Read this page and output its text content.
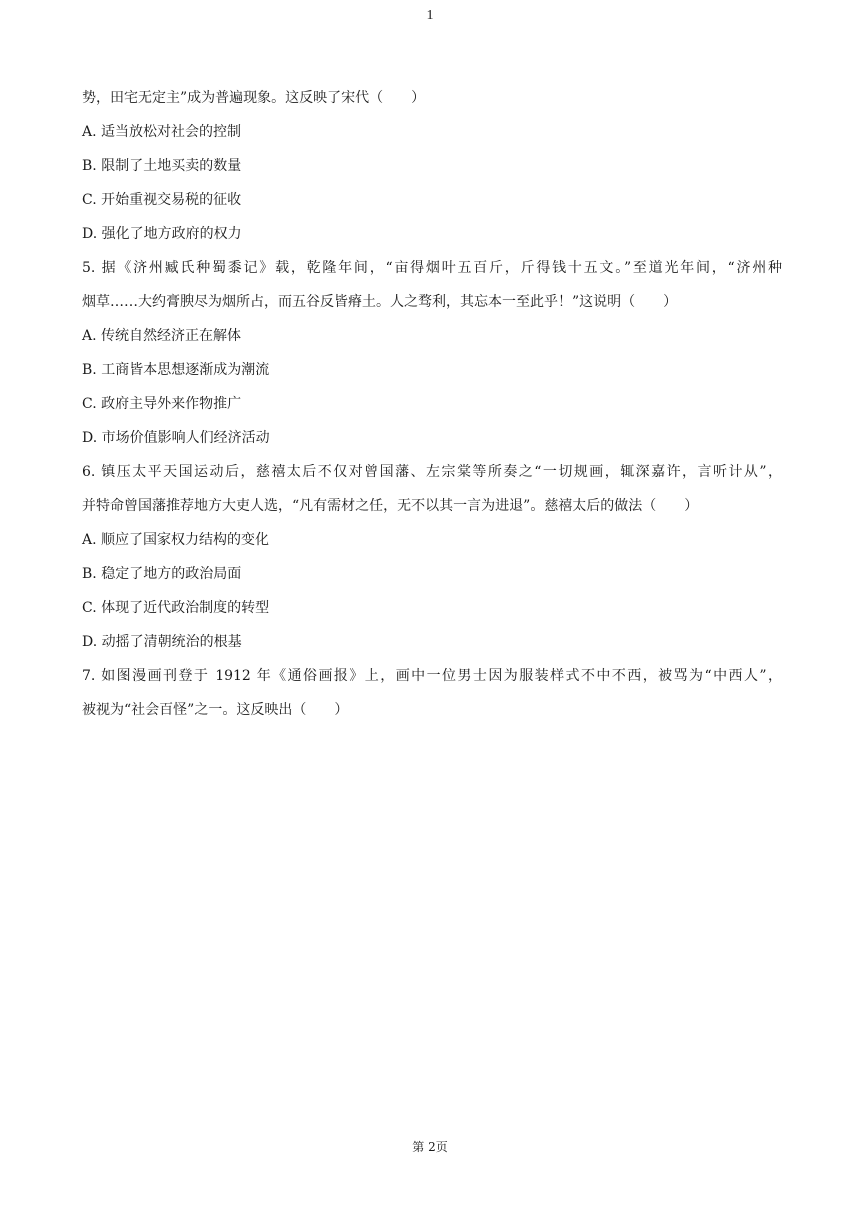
1
势，田宅无定主”成为普遍现象。这反映了宋代（　　）
A. 适当放松对社会的控制
B. 限制了土地买卖的数量
C. 开始重视交易税的征收
D. 强化了地方政府的权力
5. 据《济州臧氏种蜀黍记》载，乾隆年间，“亩得烟叶五百斤，斤得钱十五文。”至道光年间，“济州种
烟草……大约膏腴尽为烟所占，而五谷反皆瘠土。人之骛利，其忘本一至此乎！”这说明（　　）
A. 传统自然经济正在解体
B. 工商皆本思想逐渐成为潮流
C. 政府主导外来作物推广
D. 市场价值影响人们经济活动
6. 镇压太平天国运动后，慈禧太后不仅对曾国藩、左宗棠等所奏之“一切规画，辄深嘉许，言听计从”，
并特命曾国藩推荐地方大吏人选，“凡有需材之任，无不以其一言为进退”。慈禧太后的做法（　　）
A. 顺应了国家权力结构的变化
B. 稳定了地方的政治局面
C. 体现了近代政治制度的转型
D. 动摇了清朝统治的根基
7. 如图漫画刊登于 1912 年《通俗画报》上，画中一位男士因为服装样式不中不西，被骂为“中西人”，
被视为“社会百怪”之一。这反映出（　　）
第 2页
